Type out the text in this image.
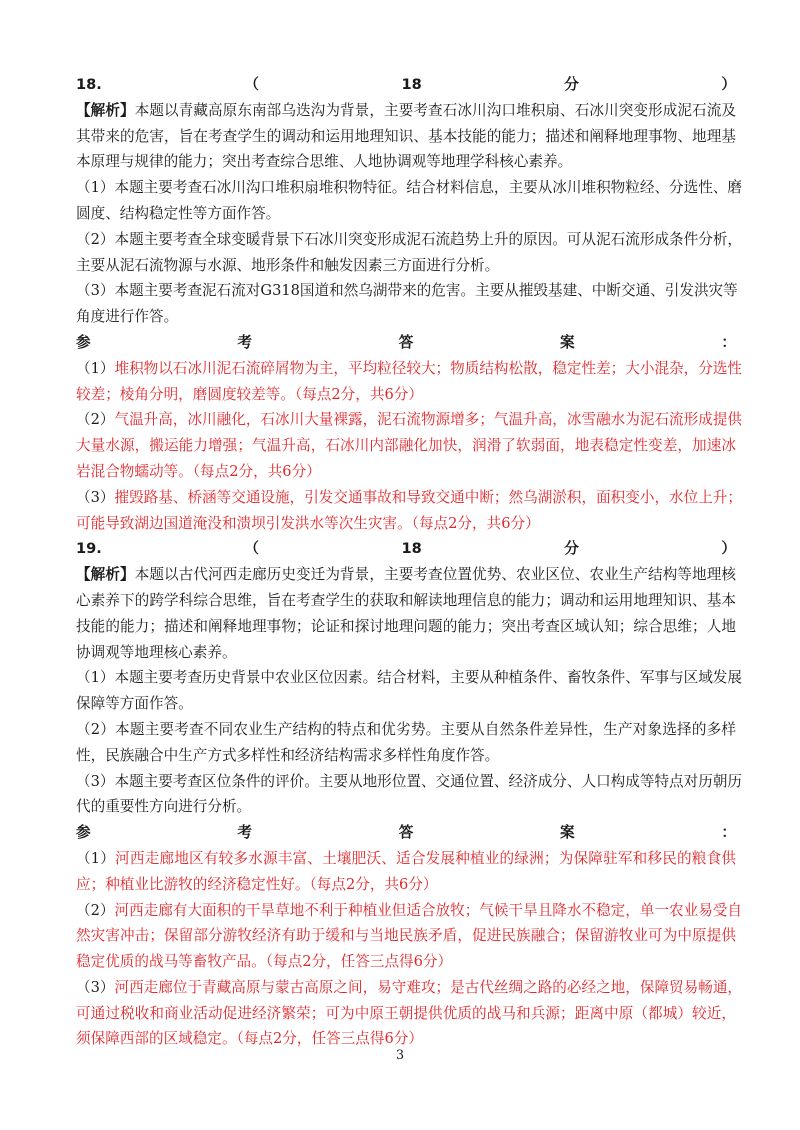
18.（18分）
【解析】本题以青藏高原东南部乌迭沟为背景，主要考查石冰川沟口堆积扇、石冰川突变形成泥石流及
其带来的危害，旨在考查学生的调动和运用地理知识、基本技能的能力；描述和阐释地理事物、地理基
本原理与规律的能力；突出考查综合思维、人地协调观等地理学科核心素养。
（1）本题主要考查石冰川沟口堆积扇堆积物特征。结合材料信息，主要从冰川堆积物粒经、分选性、磨
圆度、结构稳定性等方面作答。
（2）本题主要考查全球变暖背景下石冰川突变形成泥石流趋势上升的原因。可从泥石流形成条件分析，
主要从泥石流物源与水源、地形条件和触发因素三方面进行分析。
（3）本题主要考查泥石流对G318国道和然乌湖带来的危害。主要从摧毁基建、中断交通、引发洪灾等
角度进行作答。
参考答案：
（1）堆积物以石冰川泥石流碎屑物为主，平均粒径较大；物质结构松散，稳定性差；大小混杂，分选性
较差；棱角分明，磨圆度较差等。（每点2分，共6分）
（2）气温升高，冰川融化，石冰川大量裸露，泥石流物源增多；气温升高，冰雪融水为泥石流形成提供
大量水源，搬运能力增强；气温升高，石冰川内部融化加快，润滑了软弱面，地表稳定性变差，加速冰
岩混合物蠕动等。（每点2分，共6分）
（3）摧毁路基、桥涵等交通设施，引发交通事故和导致交通中断；然乌湖淤积，面积变小，水位上升；
可能导致湖边国道淹没和溃坝引发洪水等次生灾害。（每点2分，共6分）
19.（18分）
【解析】本题以古代河西走廊历史变迁为背景，主要考查位置优势、农业区位、农业生产结构等地理核
心素养下的跨学科综合思维，旨在考查学生的获取和解读地理信息的能力；调动和运用地理知识、基本
技能的能力；描述和阐释地理事物；论证和探讨地理问题的能力；突出考查区域认知；综合思维；人地
协调观等地理核心素养。
（1）本题主要考查历史背景中农业区位因素。结合材料，主要从种植条件、畜牧条件、军事与区域发展
保障等方面作答。
（2）本题主要考查不同农业生产结构的特点和优劣势。主要从自然条件差异性，生产对象选择的多样
性，民族融合中生产方式多样性和经济结构需求多样性角度作答。
（3）本题主要考查区位条件的评价。主要从地形位置、交通位置、经济成分、人口构成等特点对历朝历
代的重要性方向进行分析。
参考答案：
（1）河西走廊地区有较多水源丰富、土壤肥沃、适合发展种植业的绿洲；为保障驻军和移民的粮食供
应；种植业比游牧的经济稳定性好。（每点2分，共6分）
（2）河西走廊有大面积的干旱草地不利于种植业但适合放牧；气候干旱且降水不稳定，单一农业易受自
然灾害冲击；保留部分游牧经济有助于缓和与当地民族矛盾，促进民族融合；保留游牧业可为中原提供
稳定优质的战马等畜牧产品。（每点2分，任答三点得6分）
（3）河西走廊位于青藏高原与蒙古高原之间，易守难攻；是古代丝绸之路的必经之地，保障贸易畅通，
可通过税收和商业活动促进经济繁荣；可为中原王朝提供优质的战马和兵源；距离中原（都城）较近，
须保障西部的区域稳定。（每点2分，任答三点得6分）
3
